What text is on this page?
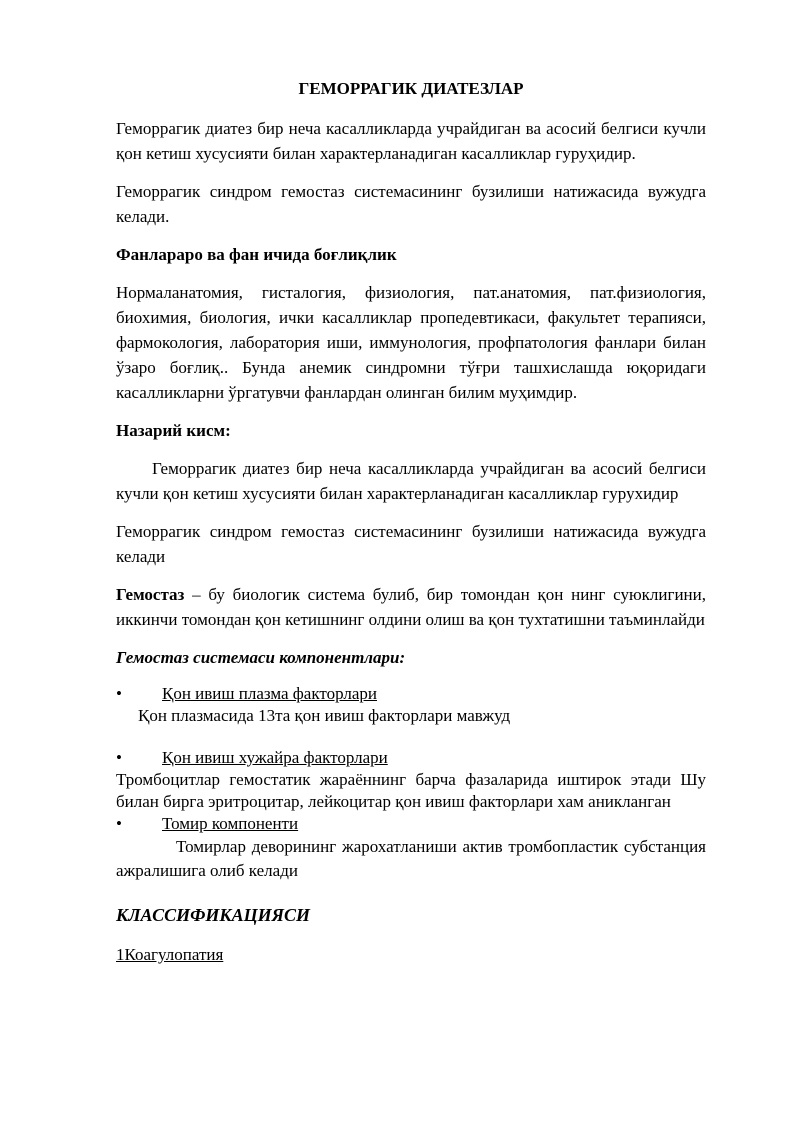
ГЕМОРРАГИК ДИАТЕЗЛАР

Геморрагик диатез бир неча касалликларда учрайдиган ва асосий белгиси кучли қон кетиш хусусияти билан характерланадиган касалликлар гуруҳидир.

Геморрагик синдром гемостаз системасининг бузилиши натижасида вужудга келади.

Фанлараро ва фан ичида боғлиқлик

Нормаланатомия, гисталогия, физиология, пат.анатомия, пат.физиология, биохимия, биология, ички касалликлар пропедевтикаси, факультет терапияси, фармокология, лаборатория иши, иммунология, профпатология фанлари билан ўзаро боғлиқ.. Бунда анемик синдромни тўғри ташхислашда юқоридаги касалликларни ўргатувчи фанлардан олинган билим муҳимдир.

Назарий кисм:

Геморрагик диатез бир неча касалликларда учрайдиган ва асосий белгиси кучли қон кетиш хусусияти билан характерланадиган касалликлар гурухидир

Геморрагик синдром гемостаз системасининг бузилиши натижасида вужудга келади

Гемостаз – бу биологик система булиб, бир томондан қон нинг суюклигини, иккинчи томондан қон кетишнинг олдини олиш ва қон тухтатишни таъминлайди

Гемостаз системаси компонентлари:

•	Қон ивиш плазма факторлари

Қон плазмасида 13та қон ивиш факторлари мавжуд

•	Қон ивиш хужайра факторлари

Тромбоцитлар гемостатик жараённинг барча фазаларида иштирок этади Шу билан бирга эритроцитар, лейкоцитар қон ивиш факторлари хам аникланган

•	Томир компоненти

Томирлар деворининг жарохатланиши актив тромбопластик субстанция ажралишига олиб келади

КЛАССИФИКАЦИЯСИ

1Коагулопатия
